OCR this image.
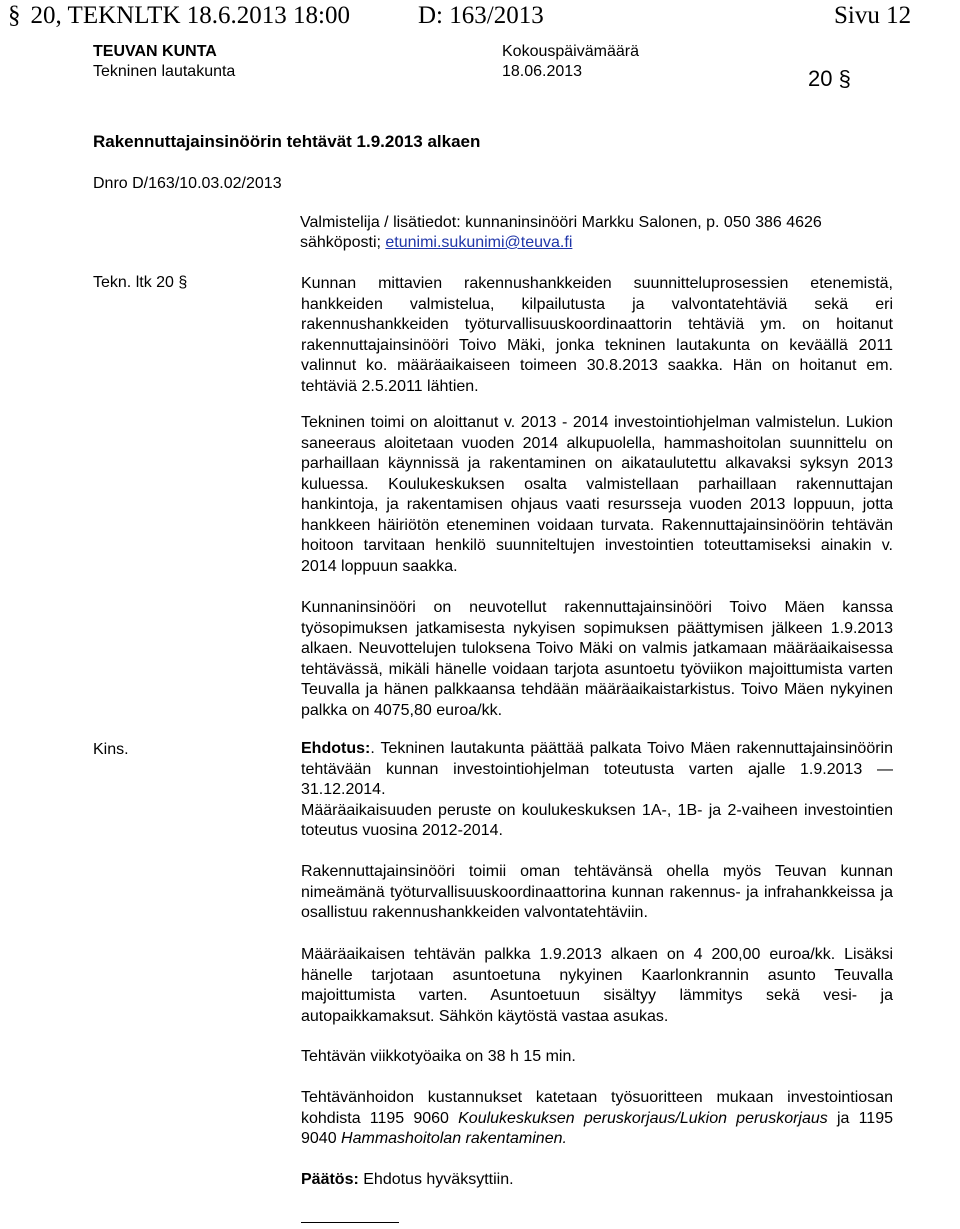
§ 20, TEKNLTK 18.6.2013 18:00	D: 163/2013	Sivu 12
TEUVAN KUNTA
Tekninen lautakunta
Kokouspäivämäärä
18.06.2013	20 §
Rakennuttajainsinöörin tehtävät 1.9.2013 alkaen
Dnro D/163/10.03.02/2013
Valmistelija / lisätiedot: kunnaninsinööri Markku Salonen, p. 050 386 4626
sähköposti; etunimi.sukunimi@teuva.fi
Tekn. ltk 20 §
Kins.

Kunnan mittavien rakennushankkeiden suunnitteluprosessien etenemistä, hankkeiden valmistelua, kilpailutusta ja valvontatehtäviä sekä eri rakennushankkeiden työturvallisuuskoordinaattorin tehtäviä ym. on hoitanut rakennuttajainsinööri Toivo Mäki, jonka tekninen lautakunta on keväällä 2011 valinnut ko. määräaikaiseen toimeen 30.8.2013 saakka. Hän on hoitanut em. tehtäviä 2.5.2011 lähtien.

Tekninen toimi on aloittanut v. 2013 - 2014 investointiohjelman valmistelun. Lukion saneeraus aloitetaan vuoden 2014 alkupuolella, hammashoitolan suunnittelu on parhaillaan käynnissä ja rakentaminen on aikataulutettu alkavaksi syksyn 2013 kuluessa. Koulukeskuksen osalta valmistellaan parhaillaan rakennuttajan hankintoja, ja rakentamisen ohjaus vaati resursseja vuoden 2013 loppuun, jotta hankkeen häiriötön eteneminen voidaan turvata. Rakennuttajainsinöörin tehtävän hoitoon tarvitaan henkilö suunniteltujen investointien toteuttamiseksi ainakin v. 2014 loppuun saakka.

Kunnaninsinööri on neuvotellut rakennuttajainsinööri Toivo Mäen kanssa työsopimuksen jatkamisesta nykyisen sopimuksen päättymisen jälkeen 1.9.2013 alkaen. Neuvottelujen tuloksena Toivo Mäki on valmis jatkamaan määräaikaisessa tehtävässä, mikäli hänelle voidaan tarjota asuntoetu työviikon majoittumista varten Teuvalla ja hänen palkkaansa tehdään määräaikaistarkistus. Toivo Mäen nykyinen palkka on 4075,80 euroa/kk.

Ehdotus:. Tekninen lautakunta päättää palkata Toivo Mäen rakennuttajainsinöörin tehtävään kunnan investointiohjelman toteutusta varten ajalle 1.9.2013 — 31.12.2014.

Määräaikaisuuden peruste on koulukeskuksen 1A-, 1B- ja 2-vaiheen investointien toteutus vuosina 2012-2014.

Rakennuttajainsinööri toimii oman tehtävänsä ohella myös Teuvan kunnan nimeämänä työturvallisuuskoordinaattorina kunnan rakennus- ja infrahankkeissa ja osallistuu rakennushankkeiden valvontatehtäviin.

Määräaikaisen tehtävän palkka 1.9.2013 alkaen on 4 200,00 euroa/kk. Lisäksi hänelle tarjotaan asuntoetuna nykyinen Kaarlonkrannin asunto Teuvalla majoittumista varten. Asuntoetuun sisältyy lämmitys sekä vesi- ja autopaikkamaksut. Sähkön käytöstä vastaa asukas.

Tehtävän viikkotyöaika on 38 h 15 min.

Tehtävänhoidon kustannukset katetaan työsuoritteen mukaan investointiosan kohdista 1195 9060 Koulukeskuksen peruskorjaus/Lukion peruskorjaus ja 1195 9040 Hammashoitolan rakentaminen.

Päätös: Ehdotus hyväksyttiin.
